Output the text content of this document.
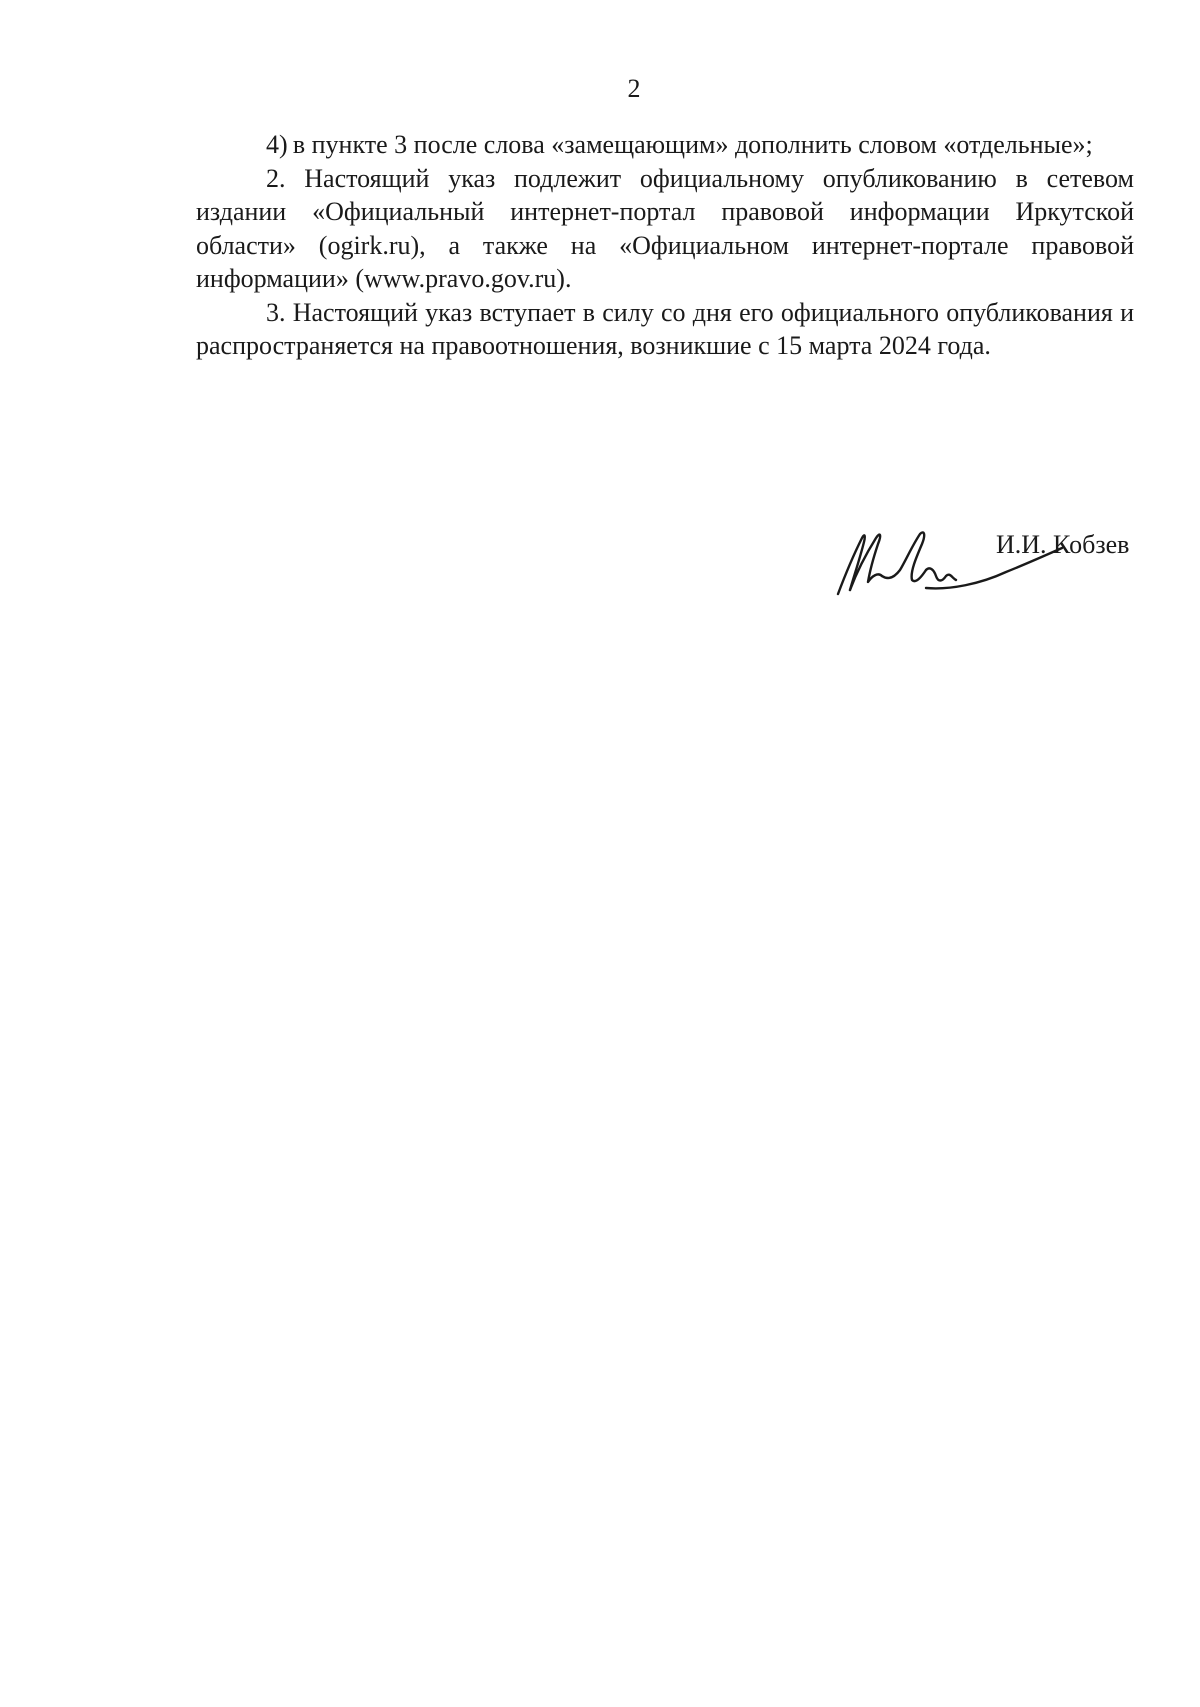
2

4) в пункте 3 после слова «замещающим» дополнить словом «отдельные»;

2. Настоящий указ подлежит официальному опубликованию в сетевом издании «Официальный интернет-портал правовой информации Иркутской области» (ogirk.ru), а также на «Официальном интернет-портале правовой информации» (www.pravo.gov.ru).

3. Настоящий указ вступает в силу со дня его официального опубликования и распространяется на правоотношения, возникшие с 15 марта 2024 года.

И.И. Кобзев
